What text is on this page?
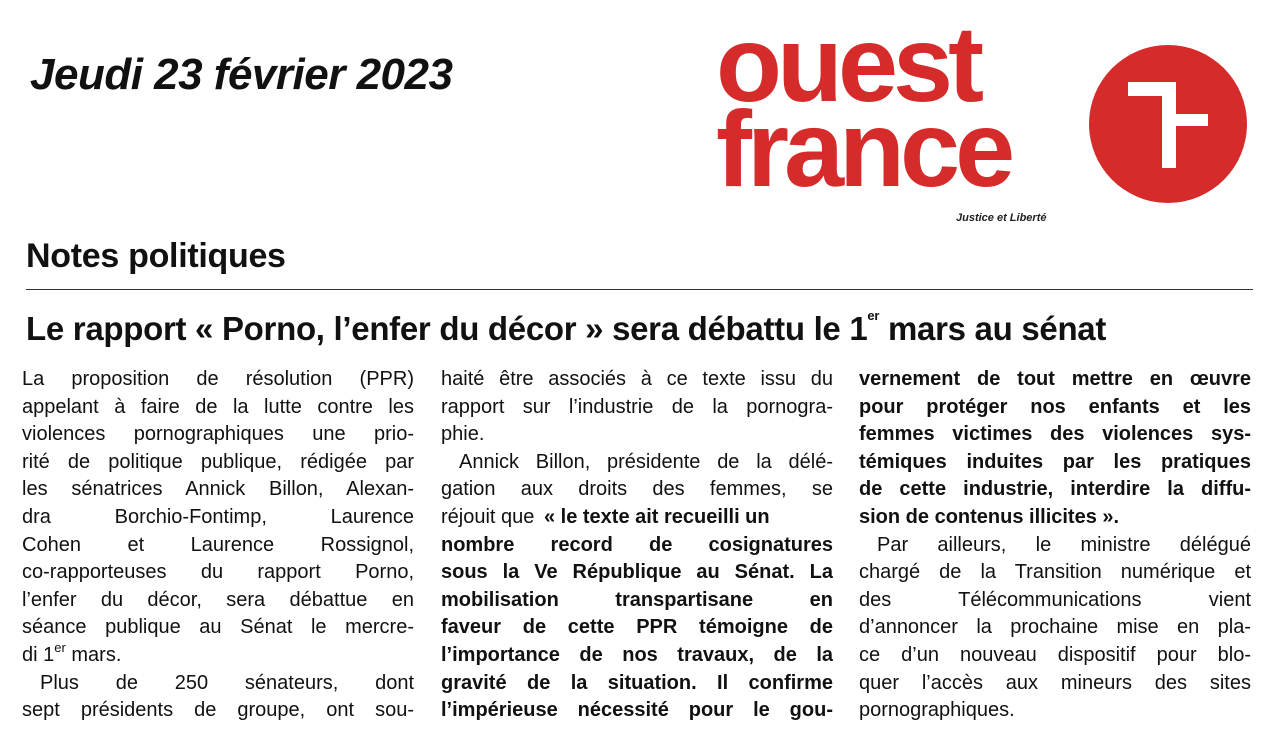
Jeudi 23 février 2023 ouest
france
Justice et Liberté
Notes politiques
Le rapport « Porno, l’enfer du décor » sera débattu le 1er mars au sénat
La proposition de résolution (PPR)
appelant à faire de la lutte contre les
violences pornographiques une prio-
rité de politique publique, rédigée par
les sénatrices Annick Billon, Alexan-
dra Borchio-Fontimp, Laurence
Cohen et Laurence Rossignol,
co-rapporteuses du rapport Porno,
l’enfer du décor, sera débattue en
séance publique au Sénat le mercre-
di 1er mars.
Plus de 250 sénateurs, dont
sept présidents de groupe, ont sou-
haité être associés à ce texte issu du
rapport sur l’industrie de la pornogra-
phie.
Annick Billon, présidente de la délé-
gation aux droits des femmes, se
réjouit que « le texte ait recueilli un
nombre record de cosignatures
sous la Ve République au Sénat. La
mobilisation transpartisane en
faveur de cette PPR témoigne de
l’importance de nos travaux, de la
gravité de la situation. Il confirme
l’impérieuse nécessité pour le gou-
vernement de tout mettre en œuvre
pour protéger nos enfants et les
femmes victimes des violences sys-
témiques induites par les pratiques
de cette industrie, interdire la diffu-
sion de contenus illicites ».
Par ailleurs, le ministre délégué
chargé de la Transition numérique et
des Télécommunications vient
d’annoncer la prochaine mise en pla-
ce d’un nouveau dispositif pour blo-
quer l’accès aux mineurs des sites
pornographiques.
